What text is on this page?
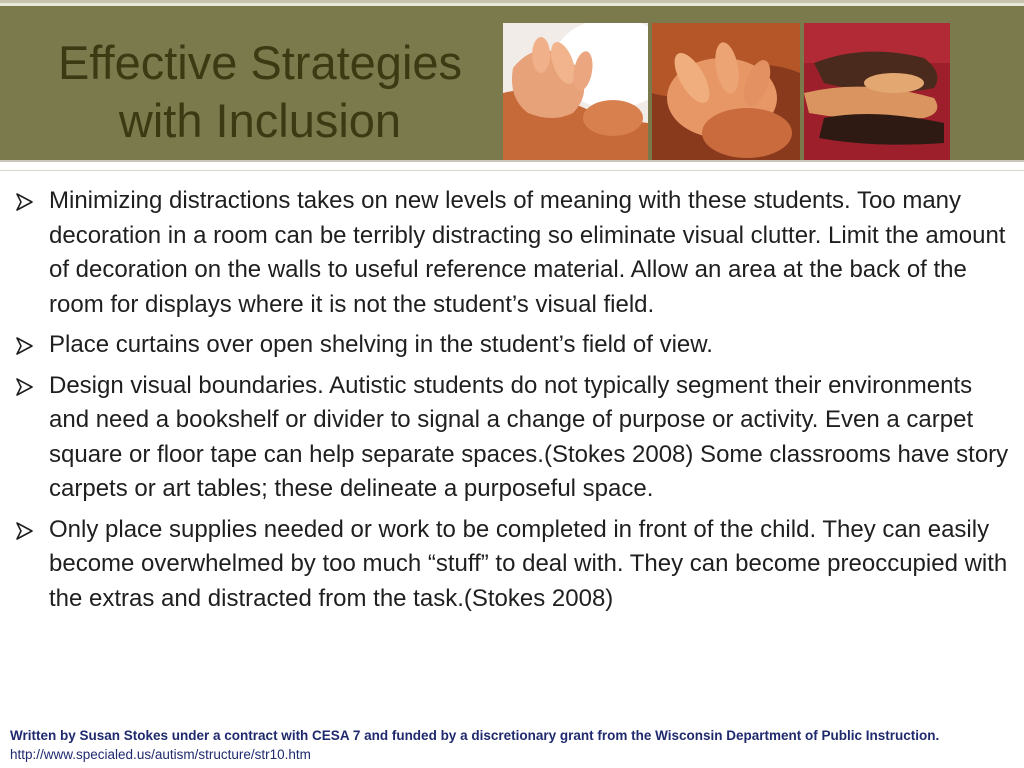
Effective Strategies
with Inclusion
Minimizing distractions takes on new levels of meaning with these students. Too many decoration in a room can be terribly distracting so eliminate visual clutter. Limit the amount of decoration on the walls to useful reference material. Allow an area at the back of the room for displays where it is not the student’s visual field.
Place curtains over open shelving in the student’s field of view.
Design visual boundaries. Autistic students do not typically segment their environments and need a bookshelf or divider to signal a change of purpose or activity. Even a carpet square or floor tape can help separate spaces.(Stokes 2008) Some classrooms have story carpets or art tables; these delineate a purposeful space.
Only place supplies needed or work to be completed in front of the child. They can easily become overwhelmed by too much “stuff” to deal with. They can become preoccupied with the extras and distracted from the task.(Stokes 2008)
Written by Susan Stokes under a contract with CESA 7 and funded by a discretionary grant from the Wisconsin Department of Public Instruction. http://www.specialed.us/autism/structure/str10.htm
